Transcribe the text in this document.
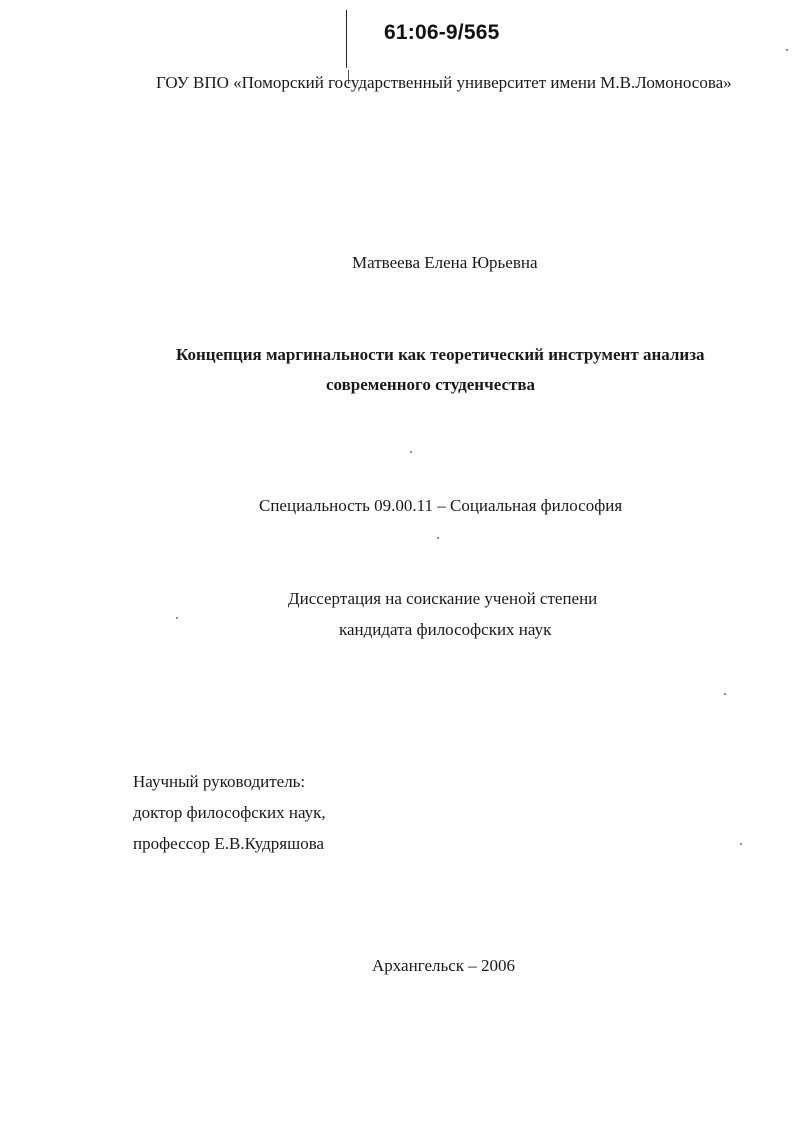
61:06-9/565
ГОУ ВПО «Поморский государственный университет имени М.В.Ломоносова»
Матвеева Елена Юрьевна
Концепция маргинальности как теоретический инструмент анализа
современного студенчества
Специальность 09.00.11 – Социальная философия
Диссертация на соискание ученой степени
кандидата философских наук
Научный руководитель:
доктор философских наук,
профессор Е.В.Кудряшова
Архангельск – 2006
